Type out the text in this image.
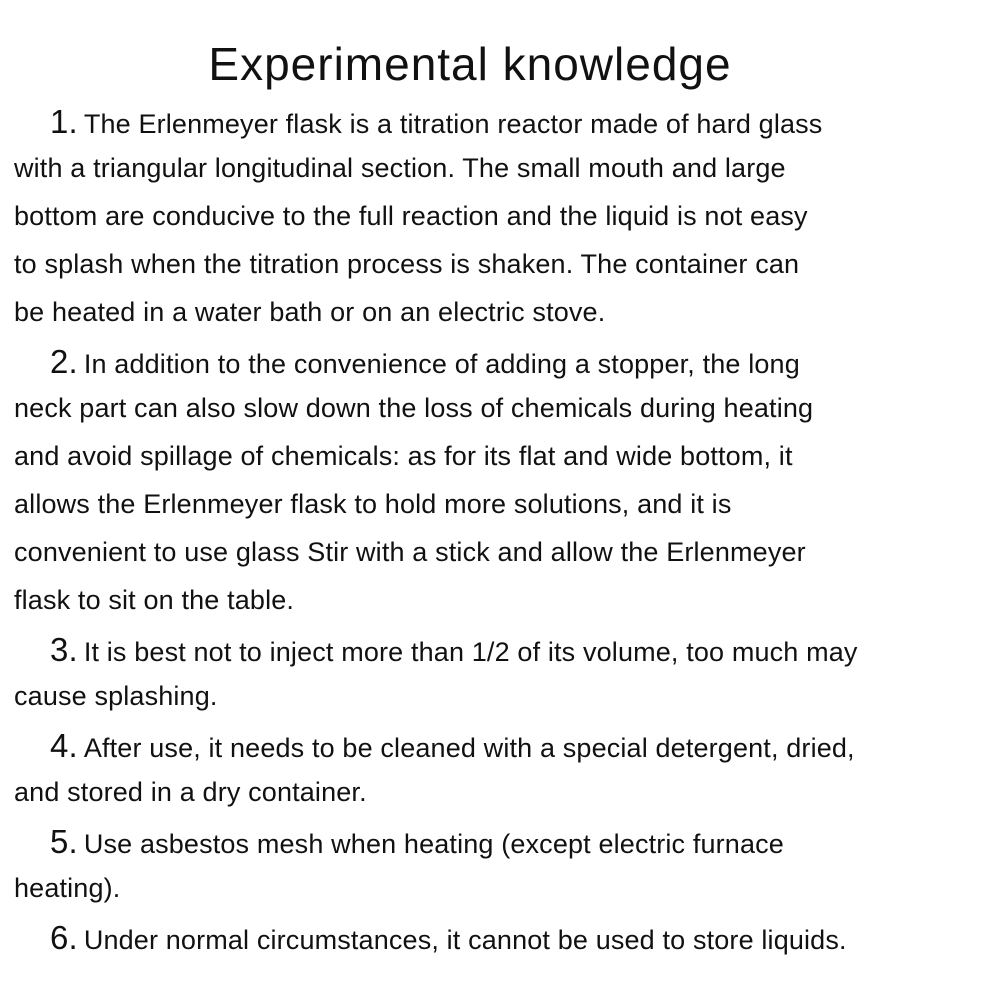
Experimental knowledge
1. The Erlenmeyer flask is a titration reactor made of hard glass
with a triangular longitudinal section. The small mouth and large
bottom are conducive to the full reaction and the liquid is not easy
to splash when the titration process is shaken. The container can
be heated in a water bath or on an electric stove.
2. In addition to the convenience of adding a stopper, the long
neck part can also slow down the loss of chemicals during heating
and avoid spillage of chemicals: as for its flat and wide bottom, it
allows the Erlenmeyer flask to hold more solutions, and it is
convenient to use glass Stir with a stick and allow the Erlenmeyer
flask to sit on the table.
3. It is best not to inject more than 1/2 of its volume, too much may
cause splashing.
4. After use, it needs to be cleaned with a special detergent, dried,
and stored in a dry container.
5. Use asbestos mesh when heating (except electric furnace
heating).
6. Under normal circumstances, it cannot be used to store liquids.
